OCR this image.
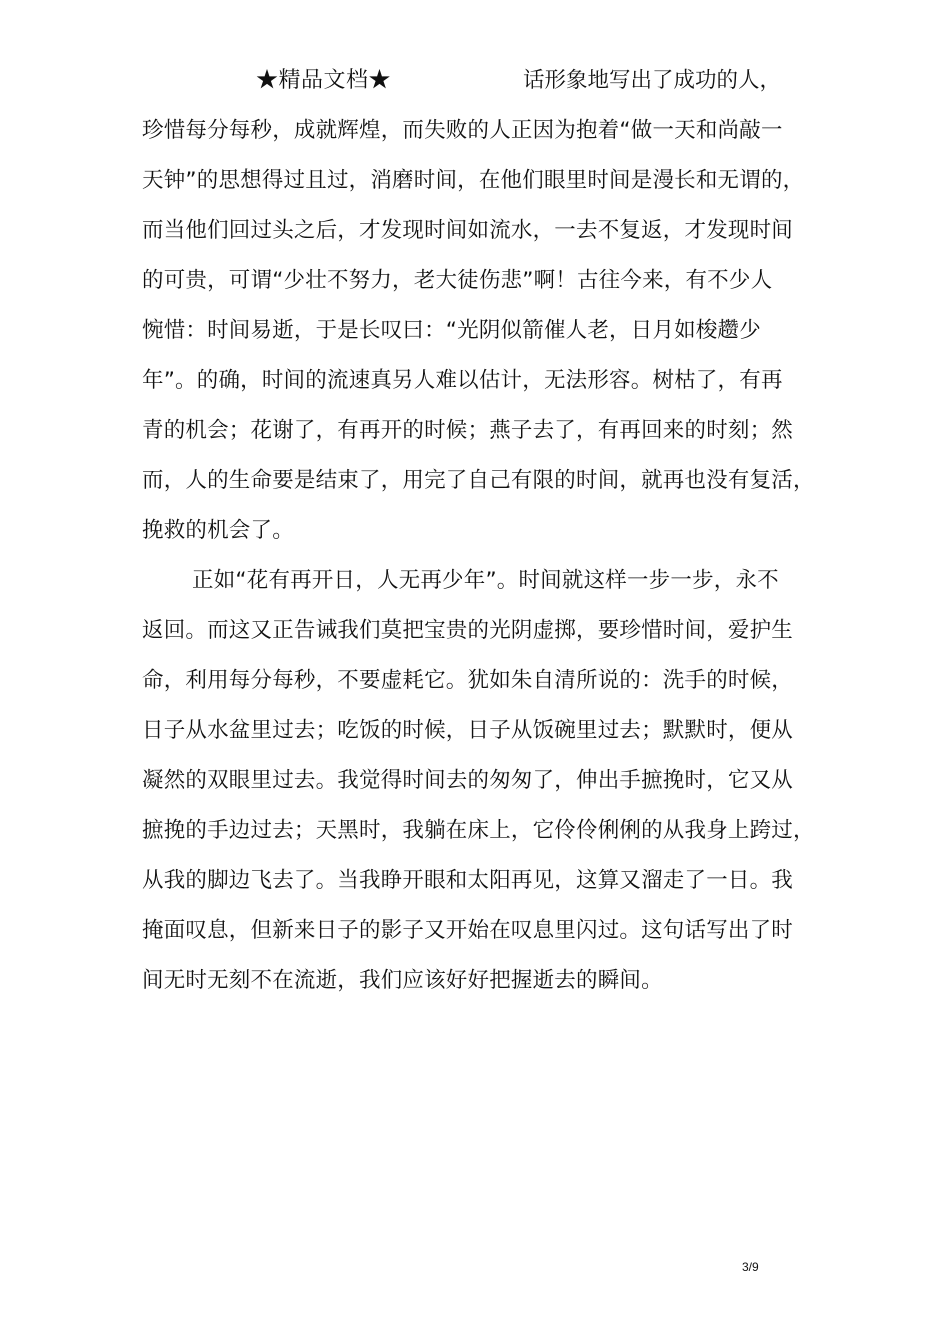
★精品文档★	话形象地写出了成功的人，
珍惜每分每秒，成就辉煌，而失败的人正因为抱着“做一天和尚敲一
天钟”的思想得过且过，消磨时间，在他们眼里时间是漫长和无谓的，
而当他们回过头之后，才发现时间如流水，一去不复返，才发现时间
的可贵，可谓“少壮不努力，老大徒伤悲”啊！古往今来，有不少人
惋惜：时间易逝，于是长叹曰：“光阴似箭催人老，日月如梭趱少
年”。的确，时间的流速真另人难以估计，无法形容。树枯了，有再
青的机会；花谢了，有再开的时候；燕子去了，有再回来的时刻；然
而，人的生命要是结束了，用完了自己有限的时间，就再也没有复活，
挽救的机会了。
正如“花有再开日，人无再少年”。时间就这样一步一步，永不
返回。而这又正告诫我们莫把宝贵的光阴虚掷，要珍惜时间，爱护生
命，利用每分每秒，不要虚耗它。犹如朱自清所说的：洗手的时候，
日子从水盆里过去；吃饭的时候，日子从饭碗里过去；默默时，便从
凝然的双眼里过去。我觉得时间去的匆匆了，伸出手摭挽时，它又从
摭挽的手边过去；天黑时，我躺在床上，它伶伶俐俐的从我身上跨过，
从我的脚边飞去了。当我睁开眼和太阳再见，这算又溜走了一日。我
掩面叹息，但新来日子的影子又开始在叹息里闪过。这句话写出了时
间无时无刻不在流逝，我们应该好好把握逝去的瞬间。
3/9
